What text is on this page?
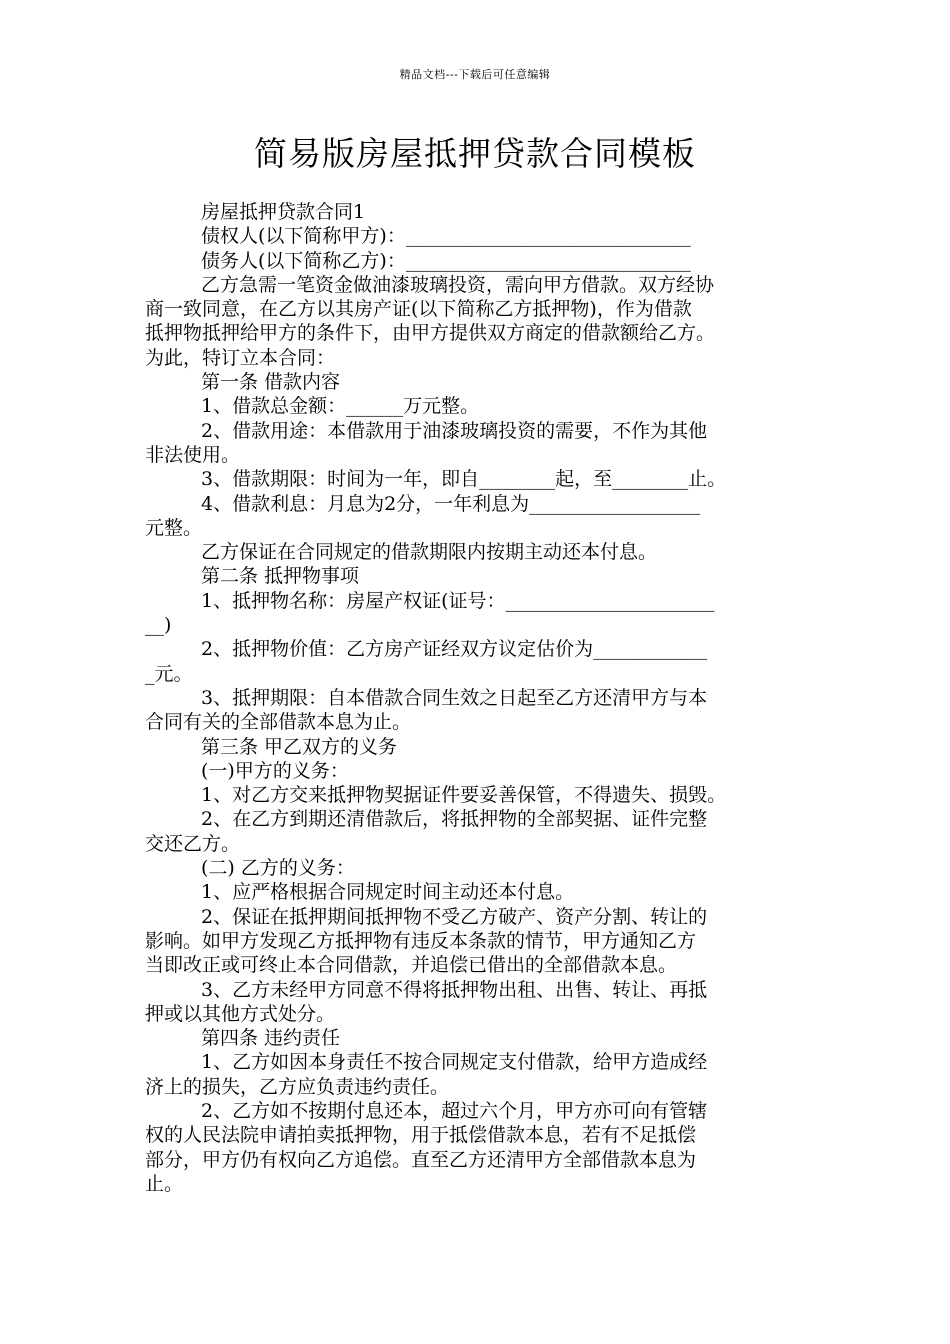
精品文档---下载后可任意编辑
简易版房屋抵押贷款合同模板
房屋抵押贷款合同1
债权人(以下简称甲方)：______________________________
债务人(以下简称乙方)：______________________________
乙方急需一笔资金做油漆玻璃投资，需向甲方借款。双方经协
商一致同意，在乙方以其房产证(以下简称乙方抵押物)，作为借款
抵押物抵押给甲方的条件下，由甲方提供双方商定的借款额给乙方。
为此，特订立本合同：
第一条 借款内容
1、借款总金额：______万元整。
2、借款用途：本借款用于油漆玻璃投资的需要，不作为其他
非法使用。
3、借款期限：时间为一年，即自________起，至________止。
4、借款利息：月息为2分，一年利息为__________________
元整。
乙方保证在合同规定的借款期限内按期主动还本付息。
第二条 抵押物事项
1、抵押物名称：房屋产权证(证号：______________________
__)
2、抵押物价值：乙方房产证经双方议定估价为____________
_元。
3、抵押期限：自本借款合同生效之日起至乙方还清甲方与本
合同有关的全部借款本息为止。
第三条 甲乙双方的义务
(一)甲方的义务：
1、对乙方交来抵押物契据证件要妥善保管，不得遗失、损毁。
2、在乙方到期还清借款后，将抵押物的全部契据、证件完整
交还乙方。
(二) 乙方的义务：
1、应严格根据合同规定时间主动还本付息。
2、保证在抵押期间抵押物不受乙方破产、资产分割、转让的
影响。如甲方发现乙方抵押物有违反本条款的情节，甲方通知乙方
当即改正或可终止本合同借款，并追偿已借出的全部借款本息。
3、乙方未经甲方同意不得将抵押物出租、出售、转让、再抵
押或以其他方式处分。
第四条 违约责任
1、乙方如因本身责任不按合同规定支付借款，给甲方造成经
济上的损失，乙方应负责违约责任。
2、乙方如不按期付息还本，超过六个月，甲方亦可向有管辖
权的人民法院申请拍卖抵押物，用于抵偿借款本息，若有不足抵偿
部分，甲方仍有权向乙方追偿。直至乙方还清甲方全部借款本息为
止。
